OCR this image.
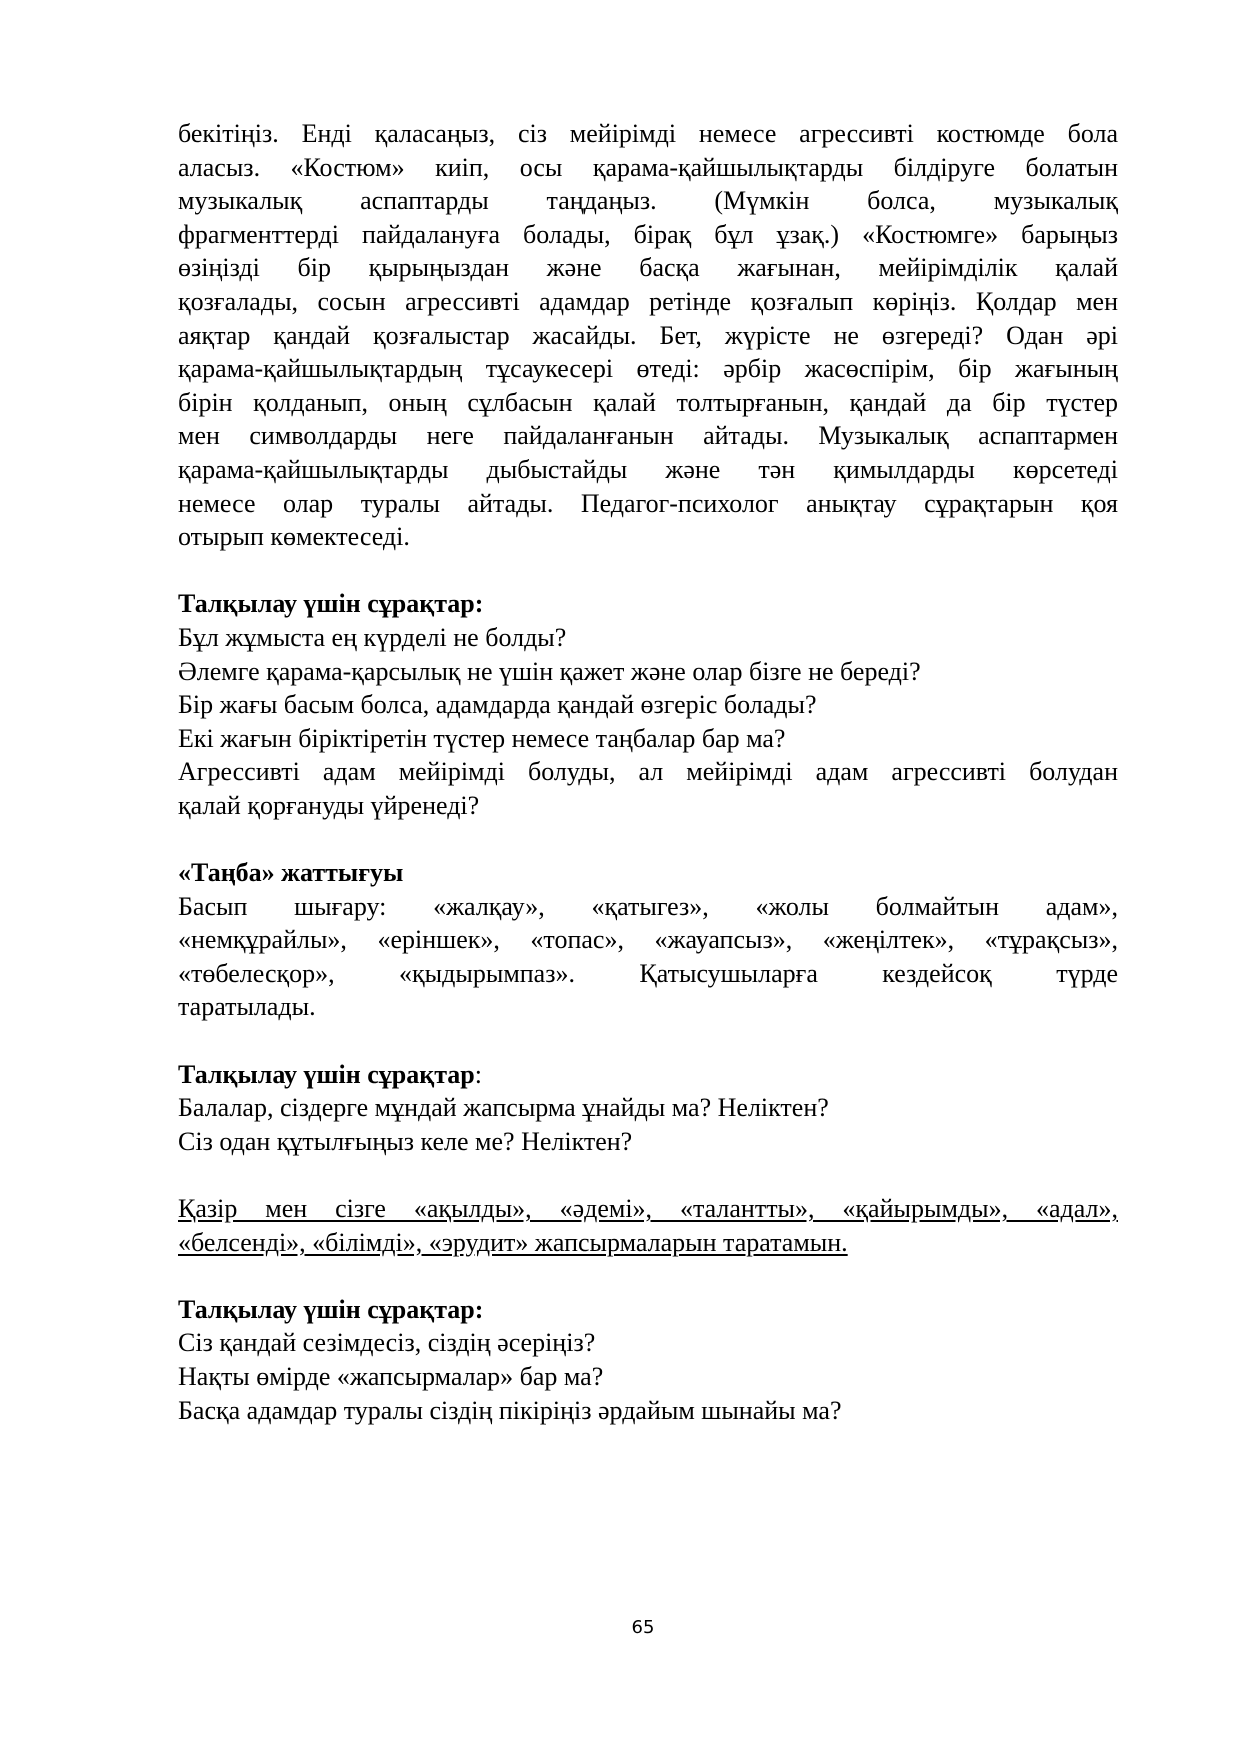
бекітіңіз. Енді қаласаңыз, сіз мейірімді немесе агрессивті костюмде бола
аласыз. «Костюм» киіп, осы қарама-қайшылықтарды білдіруге болатын
музыкалық аспаптарды таңдаңыз. (Мүмкін болса, музыкалық
фрагменттерді пайдалануға болады, бірақ бұл ұзақ.) «Костюмге» барыңыз
өзіңізді бір қырыңыздан және басқа жағынан, мейірімділік қалай
қозғалады, сосын агрессивті адамдар ретінде қозғалып көріңіз. Қолдар мен
аяқтар қандай қозғалыстар жасайды. Бет, жүрісте не өзгереді? Одан әрі
қарама-қайшылықтардың тұсаукесері өтеді: әрбір жасөспірім, бір жағының
бірін қолданып, оның сұлбасын қалай толтырғанын, қандай да бір түстер
мен символдарды неге пайдаланғанын айтады. Музыкалық аспаптармен
қарама-қайшылықтарды дыбыстайды және тән қимылдарды көрсетеді
немесе олар туралы айтады. Педагог-психолог анықтау сұрақтарын қоя
отырып көмектеседі.

Талқылау үшін сұрақтар:

Бұл жұмыста ең күрделі не болды?

Әлемге қарама-қарсылық не үшін қажет және олар бізге не береді?

Бір жағы басым болса, адамдарда қандай өзгеріс болады?

Екі жағын біріктіретін түстер немесе таңбалар бар ма?

Агрессивті адам мейірімді болуды, ал мейірімді адам агрессивті болудан
қалай қорғануды үйренеді?

«Таңба» жаттығуы

Басып шығару: «жалқау», «қатыгез», «жолы болмайтын адам»,
«немқұрайлы», «еріншек», «топас», «жауапсыз», «жеңілтек», «тұрақсыз»,
«төбелесқор», «қыдырымпаз». Қатысушыларға кездейсоқ түрде
таратылады.

Талқылау үшін сұрақтар:

Балалар, сіздерге мұндай жапсырма ұнайды ма? Неліктен?

Сіз одан құтылғыңыз келе ме? Неліктен?

Қазір мен сізге «ақылды», «әдемі», «талантты», «қайырымды», «адал»,
«белсенді», «білімді», «эрудит» жапсырмаларын таратамын.

Талқылау үшін сұрақтар:

Сіз қандай сезімдесіз, сіздің әсеріңіз?

Нақты өмірде «жапсырмалар» бар ма?

Басқа адамдар туралы сіздің пікіріңіз әрдайым шынайы ма?

65
